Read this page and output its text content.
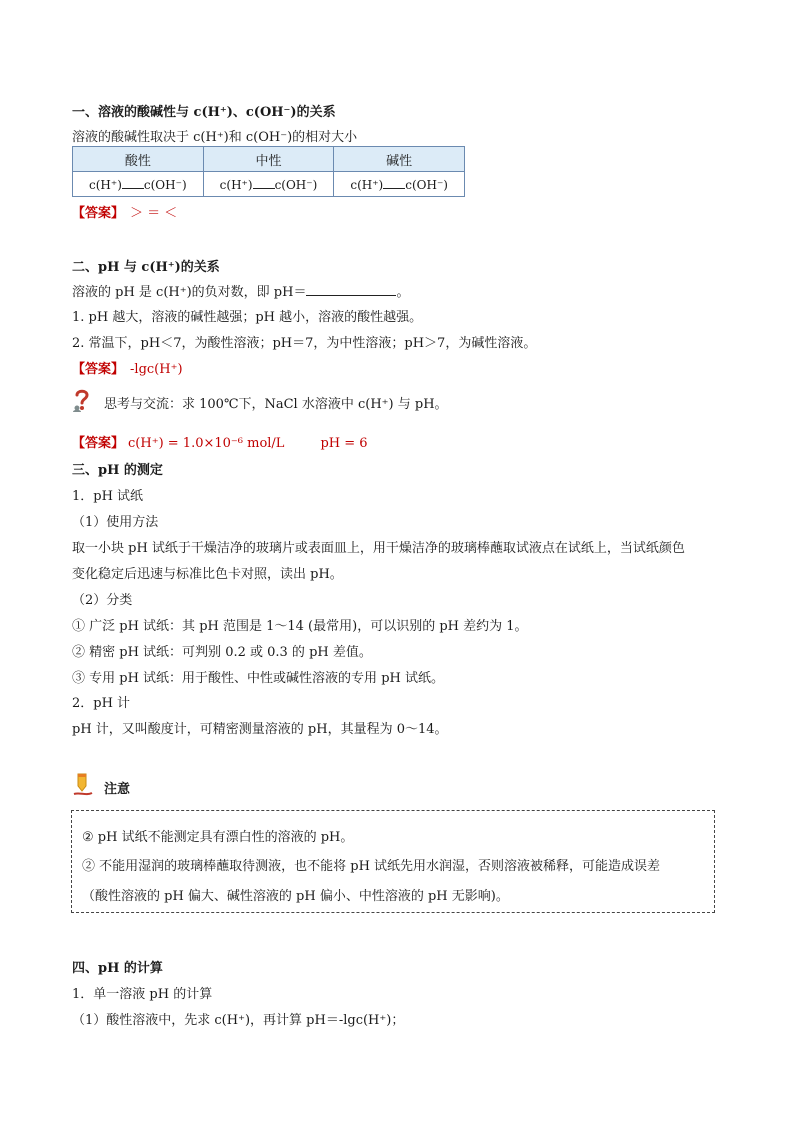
一、溶液的酸碱性与 c(H⁺)、c(OH⁻)的关系
溶液的酸碱性取决于 c(H⁺)和 c(OH⁻)的相对大小
酸性	中性	碱性
c(H⁺) c(OH⁻)	c(H⁺) c(OH⁻)	c(H⁺) c(OH⁻)
【答案】 ＞ ＝ ＜
二、pH 与 c(H⁺)的关系
溶液的 pH 是 c(H⁺)的负对数，即 pH＝	。
1. pH 越大，溶液的碱性越强；pH 越小，溶液的酸性越强。
2. 常温下，pH＜7，为酸性溶液；pH＝7，为中性溶液；pH＞7，为碱性溶液。
【答案】 -lgc(H⁺)
思考与交流：求 100℃下，NaCl 水溶液中 c(H⁺) 与 pH。
【答案】 c(H⁺) = 1.0×10⁻⁶ mol/L	pH = 6
三、pH 的测定
1．pH 试纸
（1）使用方法
取一小块 pH 试纸于干燥洁净的玻璃片或表面皿上，用干燥洁净的玻璃棒蘸取试液点在试纸上，当试纸颜色
变化稳定后迅速与标准比色卡对照，读出 pH。
（2）分类
① 广泛 pH 试纸：其 pH 范围是 1～14 (最常用)，可以识别的 pH 差约为 1。
② 精密 pH 试纸：可判别 0.2 或 0.3 的 pH 差值。
③ 专用 pH 试纸：用于酸性、中性或碱性溶液的专用 pH 试纸。
2．pH 计
pH 计，又叫酸度计，可精密测量溶液的 pH，其量程为 0～14。
注意
② pH 试纸不能测定具有漂白性的溶液的 pH。
② 不能用湿润的玻璃棒蘸取待测液，也不能将 pH 试纸先用水润湿，否则溶液被稀释，可能造成误差
（酸性溶液的 pH 偏大、碱性溶液的 pH 偏小、中性溶液的 pH 无影响)。
四、pH 的计算
1．单一溶液 pH 的计算
（1）酸性溶液中，先求 c(H⁺)，再计算 pH＝-lgc(H⁺)；
